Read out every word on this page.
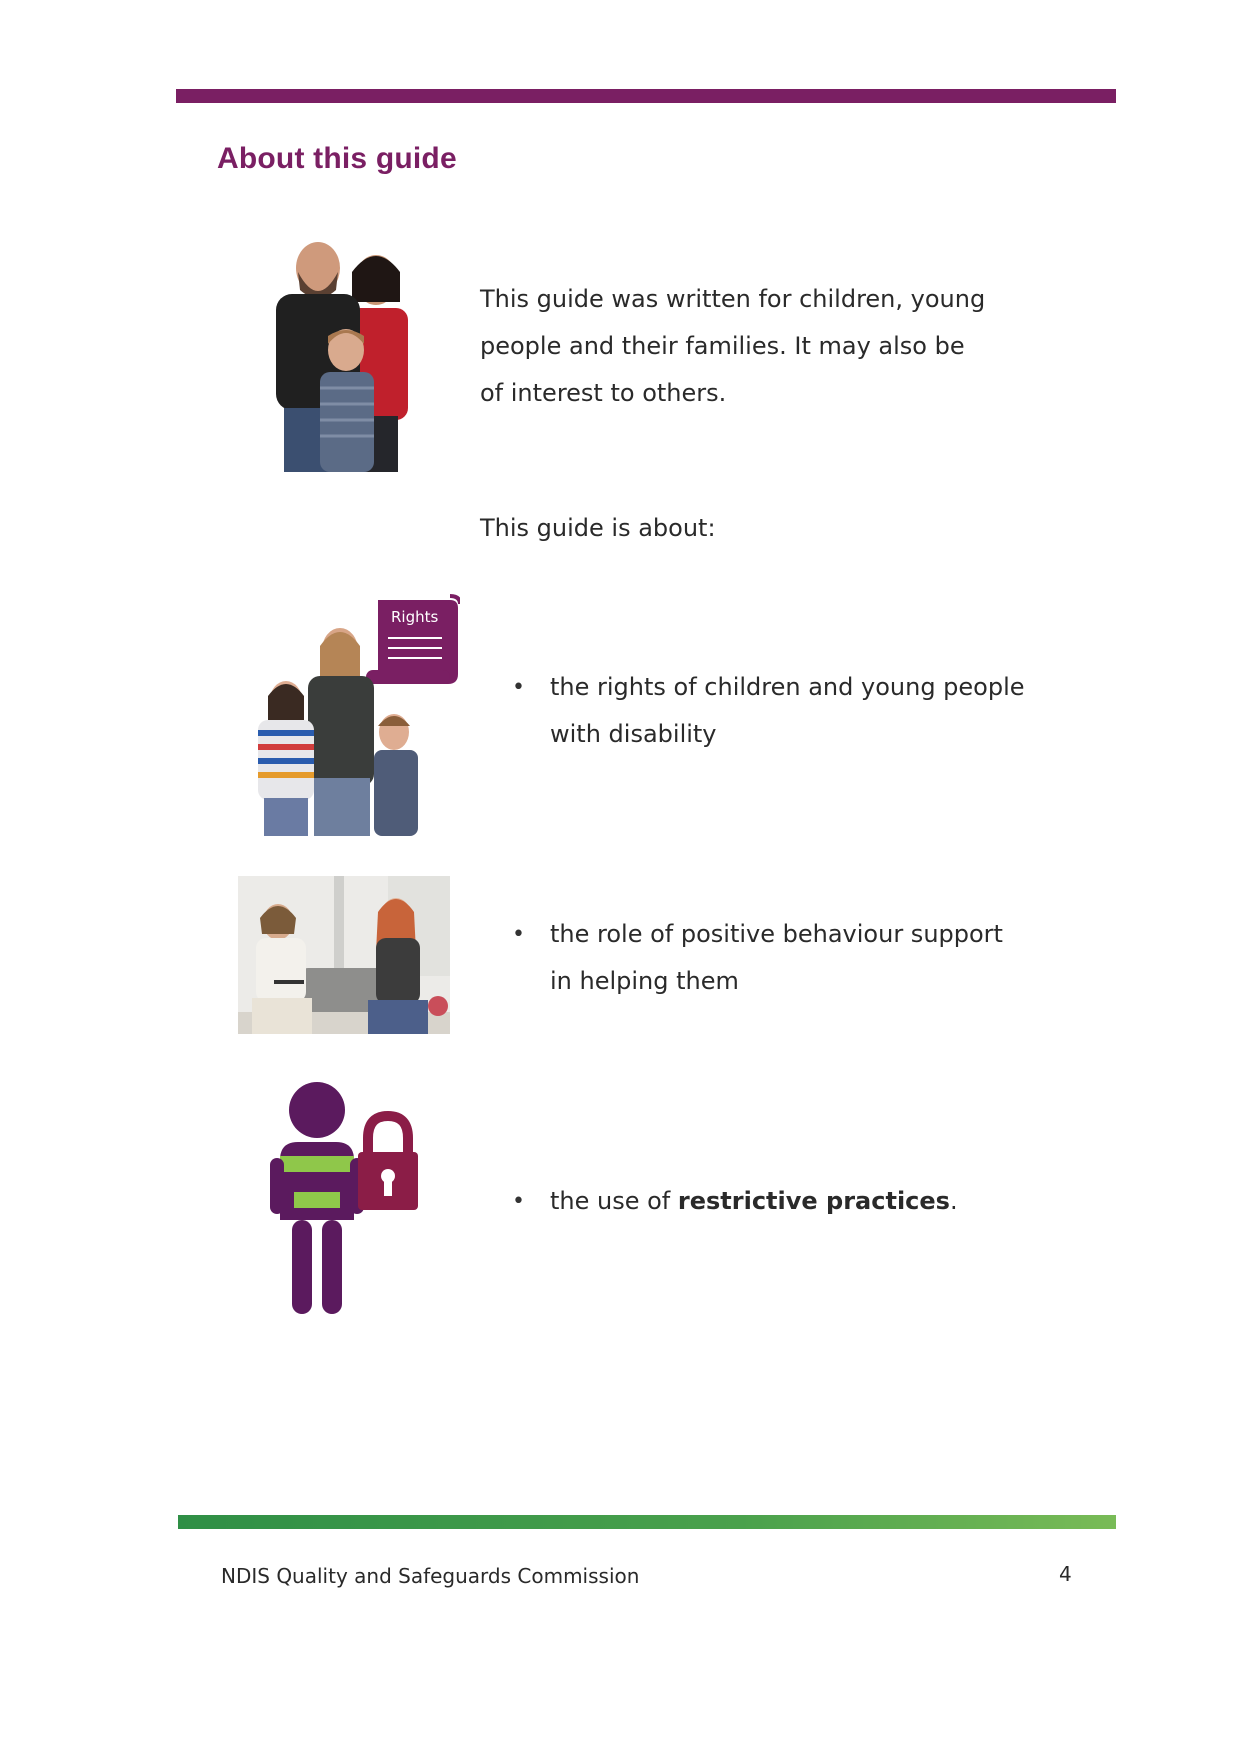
About this guide

This guide was written for children, young
people and their families. It may also be
of interest to others.

This guide is about:

Rights
•	the rights of children and young people
with disability
•	the role of positive behaviour support
in helping them
•	the use of restrictive practices.
NDIS Quality and Safeguards Commission	4
